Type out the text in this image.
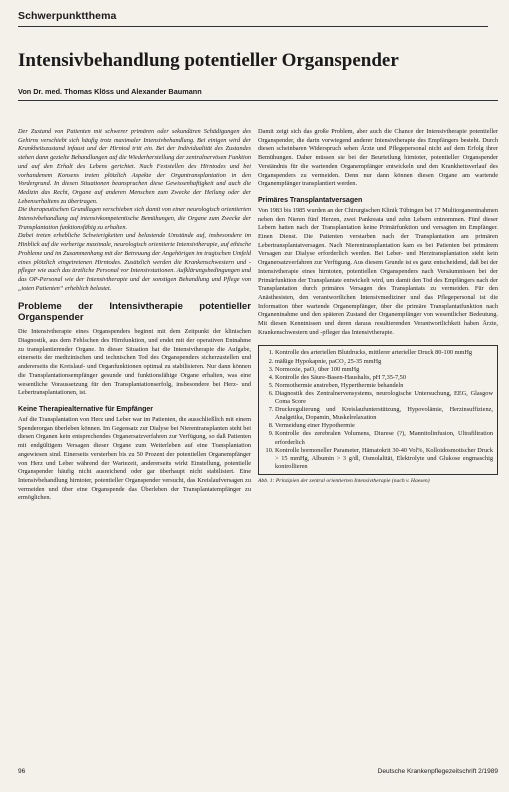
Schwerpunktthema
Intensivbehandlung potentieller Organspender
Von Dr. med. Thomas Klöss und Alexander Baumann

Der Zustand von Patienten mit schwerer primären oder sekundären Schädigungen des Gehirns verschiebt sich häufig trotz maximaler Intensivbehandlung. Bei einigen wird der Krankheitszustand infaust und der Hirntod tritt ein. Bei der Individualität des Zustandes stehen dann gezielte Behandlungen auf die Wiederherstellung der zentralnervösen Funktion und auf den Erhalt des Lebens gerichtet. Nach Feststellen des Hirntodes und bei vorhandenem Konsens treten plötzlich Aspekte der Organtransplantation in den Vordergrund. In diesen Situationen beanspruchen diese Gewissenhaftigkeit und auch die Medizin das Recht, Organe auf anderen Menschen zum Zwecke der Heilung oder der Lebenserhaltens zu übertragen.

Die therapeutischen Grundlagen verschieben sich damit von einer neurologisch orientierten Intensivbehandlung auf intensivkompetentische Bemühungen, die Organe zum Zwecke der Transplantation funktionsfähig zu erhalten.

Dabei treten erhebliche Schwierigkeiten und belastende Umstände auf, insbesondere im Hinblick auf die vorherige maximale, neurologisch orientierte Intensivtherapie, auf ethische Probleme und im Zusammenhang mit der Betreuung der Angehörigen im tragischen Umfeld eines plötzlich eingetretenen Hirntodes. Zusätzlich werden die Krankenschwestern und -pfleger wie auch das ärztliche Personal vor Intensivstationen. Aufklärungsbedingungen und das OP-Personal wie der Intensivtherapie und der sonstigen Behandlung und Pflege von „toten Patienten“ erheblich belastet.

Probleme der Intensivtherapie potentieller Organspender

Die Intensivtherapie eines Organspenders beginnt mit dem Zeitpunkt der klinischen Diagnostik, aus dem Fehlschen des Hirnfunktion, und endet mit der operativen Entnahme zu transplantierender Organe. In dieser Situation hat die Intensivtherapie die Aufgabe, einerseits der medizinischen und technischen Tod des Organspenders sicherzustellen und andererseits die Kreislauf- und Organfunktionen optimal zu stabilisieren. Nur dann können die Transplantationsempfänger gesunde und funktionsfähige Organe erhalten, was eine wesentliche Voraussetzung für den Transplantationserfolg, insbesondere bei Herz- und Lebertransplantationen, ist.

Keine Therapiealternative für Empfänger

Auf die Transplantation von Herz und Leber war im Patienten, die ausschließlich mit einem Spenderorgan überleben können. Im Gegensatz zur Dialyse bei Nierentransplanten steht bei diesen Organen kein entsprechendes Organersatzverfahren zur Verfügung, so daß Patienten mit endgültigem Versagen dieser Organe zum Weiterleben auf eine Transplantation angewiesen sind. Einerseits versterben bis zu 50 Prozent der potentiellen Organempfänger von Herz und Leber während der Wartezeit, andererseits wirkt Einstellung, potentielle Organspender häufig nicht ausreichend oder gar überhaupt nicht stabilisiert. Eine Intensivbehandlung hirntoter, potentieller Organspender versucht, das Kreislaufversagen zu vermeiden und über eine Organspende das Überleben der Transplantatempfänger zu ermöglichen.

Damit zeigt sich das große Problem, aber auch die Chance der Intensivtherapie potentieller Organspender, die darin vorwiegend anderer Intensivtherapie des Empfängers besteht. Durch diesen scheinbaren Widerspruch sehen Ärzte und Pflegepersonal nicht auf dem Erfolg ihrer Bemühungen. Daher müssen sie bei der Beurteilung hirntoter, potentieller Organspender Verständnis für die wartenden Organempfänger entwickeln und den Krankheitsverlauf des Organspenders zu vermeiden. Denn nur dann können diesen Organe am wartende Organempfänger transplantiert werden.

Primäres Transplantatversagen

Von 1983 bis 1985 wurden an der Chirurgischen Klinik Tübingen bei 17 Multiorganentnahmen neben den Nieren fünf Herzen, zwei Pankreata und zehn Lebern entnommen. Fünf dieser Lebern hatten nach der Transplantation keine Primärfunktion und versagten im Empfänger. Einen Dienst. Die Patienten verstarben nach der Transplantation am primären Lebertransplantatversagen. Nach Nierentransplantation kam es bei Patienten bei primärem Versagen zur Dialyse erforderlich werden. Bei Leber- und Herztransplantation steht kein Organersatzverfahren zur Verfügung. Aus diesem Grunde ist es ganz entscheidend, daß bei der Intensivtherapie eines hirntoten, potentiellen Organspenders nach Versäumnissen bei der Primärfunktion der Transplantate entwickelt wird, um damit den Tod des Empfängers nach der Transplantation durch primäres Versagen des Transplantats zu vermeiden. Für den Anästhesisten, den verantwortlichen Intensivmediziner und das Pflegepersonal ist die Information über wartende Organempfänger, über die primäre Transplantatfunktion nach Organentnahme und den späteren Zustand der Organempfänger von wesentlicher Bedeutung. Mit diesen Kenntnissen und deren daraus resultierenden Verantwortlichkeit haben Ärzte, Krankenschwestern und -pfleger das Intensivtherapie.

1. Kontrolle des arteriellen Blutdrucks, mittlerer arterieller Druck 80-100 mmHg
2. mäßige Hypokapnie, paCO₂ 25-35 mmHg
3. Normoxie, paO₂ über 100 mmHg
4. Kontrolle des Säure-Basen-Haushalts, pH 7,35-7,50
5. Normothermie anstreben, Hyperthermie behandeln
6. Diagnostik des Zentralnervensystems, neurologische Untersuchung, EEG, Glasgow Coma Score
7. Druckregulierung und Kreislaufunterstützung, Hypovolämie, Herzinsuffizienz, Analgetika, Dopamin, Muskelrelaxation
8. Vermeidung einer Hypothermie
9. Kontrolle des zerebralen Volumens, Diurese (?), Mannitolinfusion, Ultrafiltration erforderlich
10. Kontrolle hormoneller Parameter, Hämatokrit 30-40 Vol%, Kolloidosmotischer Druck > 15 mmHg, Albumin > 3 g/dl, Osmolalität, Elektrolyte und Glukose engmaschig kontrollieren
Abb. 1: Prinzipien der zentral orientierten Intensivtherapie (nach v. Haesen)
96	Deutsche Krankenpflegezeitschrift 2/1989
